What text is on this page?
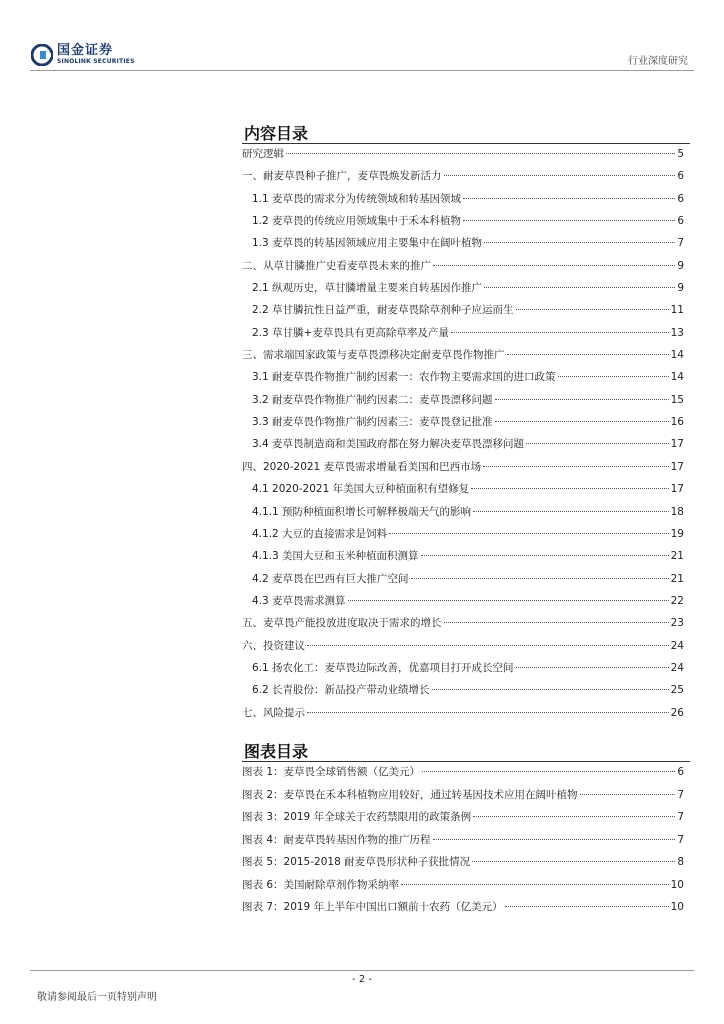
国金证券
SINOLINK SECURITIES	行业深度研究
内容目录
研究逻辑	5
一、耐麦草畏种子推广，麦草畏焕发新活力	6
1.1 麦草畏的需求分为传统领域和转基因领域	6
1.2 麦草畏的传统应用领域集中于禾本科植物	6
1.3 麦草畏的转基因领域应用主要集中在阔叶植物	7
二、从草甘膦推广史看麦草畏未来的推广	9
2.1 纵观历史，草甘膦增量主要来自转基因作推广	9
2.2 草甘膦抗性日益严重，耐麦草畏除草剂种子应运而生	11
2.3 草甘膦+麦草畏具有更高除草率及产量	13
三、需求端国家政策与麦草畏漂移决定耐麦草畏作物推广	14
3.1 耐麦草畏作物推广制约因素一：农作物主要需求国的进口政策	14
3.2 耐麦草畏作物推广制约因素二：麦草畏漂移问题	15
3.3 耐麦草畏作物推广制约因素三：麦草畏登记批准	16
3.4 麦草畏制造商和美国政府都在努力解决麦草畏漂移问题	17
四、2020-2021 麦草畏需求增量看美国和巴西市场	17
4.1 2020-2021 年美国大豆种植面积有望修复	17
4.1.1 预防种植面积增长可解释极端天气的影响	18
4.1.2 大豆的直接需求是饲料	19
4.1.3 美国大豆和玉米种植面积测算	21
4.2 麦草畏在巴西有巨大推广空间	21
4.3 麦草畏需求测算	22
五、麦草畏产能投放进度取决于需求的增长	23
六、投资建议	24
6.1 扬农化工：麦草畏边际改善，优嘉项目打开成长空间	24
6.2 长青股份：新品投产带动业绩增长	25
七、风险提示	26
图表目录
图表 1：麦草畏全球销售额（亿美元）	6
图表 2：麦草畏在禾本科植物应用较好，通过转基因技术应用在阔叶植物	7
图表 3：2019 年全球关于农药禁限用的政策条例	7
图表 4：耐麦草畏转基因作物的推广历程	7
图表 5：2015-2018 耐麦草畏形状种子获批情况	8
图表 6：美国耐除草剂作物采纳率	10
图表 7：2019 年上半年中国出口额前十农药（亿美元）	10
- 2 -
敬请参阅最后一页特别声明
